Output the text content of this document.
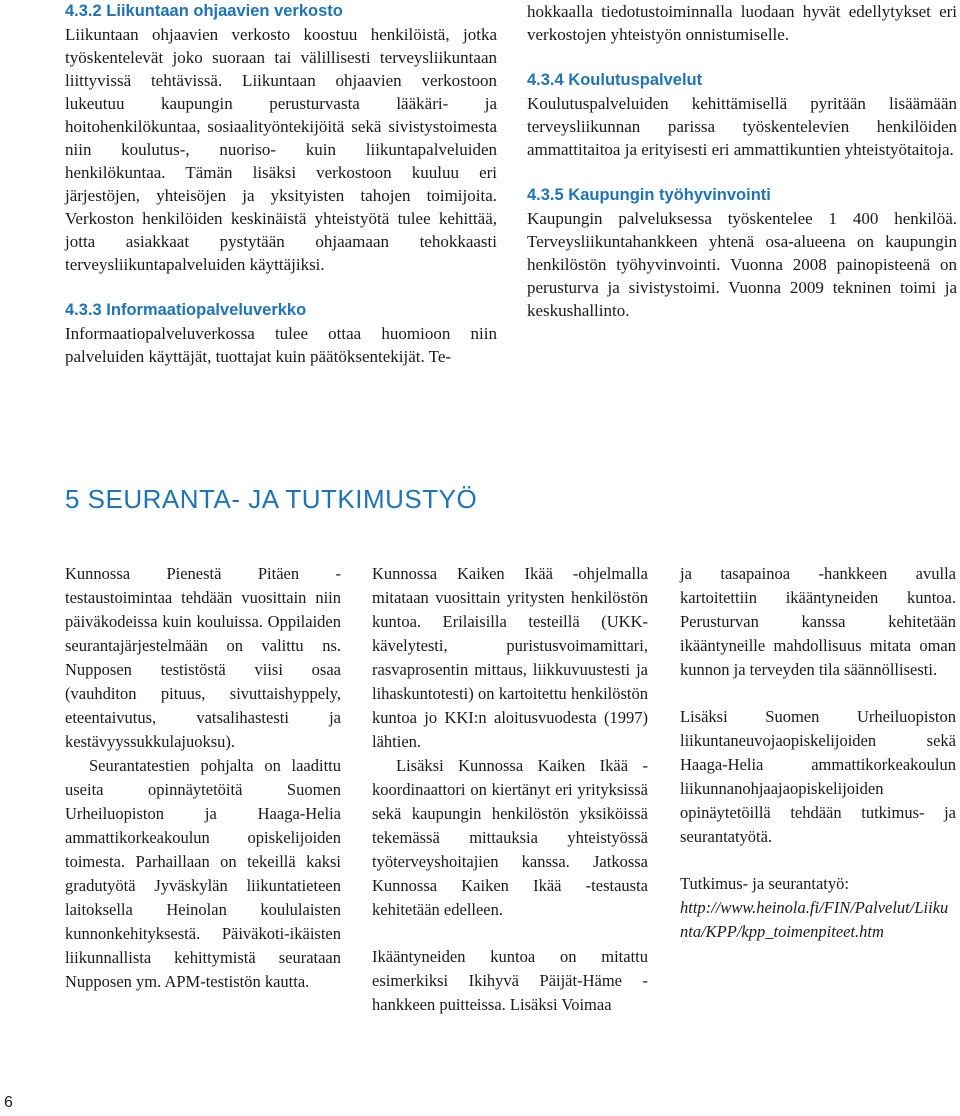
4.3.2 Liikuntaan ohjaavien verkosto

Liikuntaan ohjaavien verkosto koostuu henkilöistä, jotka työskentelevät joko suoraan tai välillisesti terveysliikuntaan liittyvissä tehtävissä. Liikuntaan ohjaavien verkostoon lukeutuu kaupungin perusturvasta lääkäri- ja hoitohenkilökuntaa, sosiaalityöntekijöitä sekä sivistystoimesta niin koulutus-, nuoriso- kuin liikuntapalveluiden henkilökuntaa. Tämän lisäksi verkostoon kuuluu eri järjestöjen, yhteisöjen ja yksityisten tahojen toimijoita. Verkoston henkilöiden keskinäistä yhteistyötä tulee kehittää, jotta asiakkaat pystytään ohjaamaan tehokkaasti terveysliikuntapalveluiden käyttäjiksi.

4.3.3 Informaatiopalveluverkko

Informaatiopalveluverkossa tulee ottaa huomioon niin palveluiden käyttäjät, tuottajat kuin päätöksentekijät. Te-

hokkaalla tiedotustoiminnalla luodaan hyvät edellytykset eri verkostojen yhteistyön onnistumiselle.

4.3.4 Koulutuspalvelut

Koulutuspalveluiden kehittämisellä pyritään lisäämään terveysliikunnan parissa työskentelevien henkilöiden ammattitaitoa ja erityisesti eri ammattikuntien yhteistyötaitoja.

4.3.5 Kaupungin työhyvinvointi

Kaupungin palveluksessa työskentelee 1 400 henkilöä. Terveysliikuntahankkeen yhtenä osa-alueena on kaupungin henkilöstön työhyvinvointi. Vuonna 2008 painopisteenä on perusturva ja sivistystoimi. Vuonna 2009 tekninen toimi ja keskushallinto.

5 SEURANTA- JA TUTKIMUSTYÖ

Kunnossa Pienestä Pitäen -testaustoimintaa tehdään vuosittain niin päiväkodeissa kuin kouluissa. Oppilaiden seurantajärjestelmään on valittu ns. Nupposen testistöstä viisi osaa (vauhditon pituus, sivuttaishyppely, eteentaivutus, vatsalihastesti ja kestävyyssukkulajuoksu).

Seurantatestien pohjalta on laadittu useita opinnäytetöitä Suomen Urheiluopiston ja Haaga-Helia ammattikorkeakoulun opiskelijoiden toimesta. Parhaillaan on tekeillä kaksi gradutyötä Jyväskylän liikuntatieteen laitoksella Heinolan koululaisten kunnonkehityksestä. Päiväkoti-ikäisten liikunnallista kehittymistä seurataan Nupposen ym. APM-testistön kautta.

Kunnossa Kaiken Ikää -ohjelmalla mitataan vuosittain yritysten henkilöstön kuntoa. Erilaisilla testeillä (UKK-kävelytesti, puristusvoimamittari, rasvaprosentin mittaus, liikkuvuustesti ja lihaskuntotesti) on kartoitettu henkilöstön kuntoa jo KKI:n aloitusvuodesta (1997) lähtien.

Lisäksi Kunnossa Kaiken Ikää -koordinaattori on kiertänyt eri yrityksissä sekä kaupungin henkilöstön yksiköissä tekemässä mittauksia yhteistyössä työterveyshoitajien kanssa. Jatkossa Kunnossa Kaiken Ikää -testausta kehitetään edelleen.

Ikääntyneiden kuntoa on mitattu esimerkiksi Ikihyvä Päijät-Häme -hankkeen puitteissa. Lisäksi Voimaa

ja tasapainoa -hankkeen avulla kartoitettiin ikääntyneiden kuntoa. Perusturvan kanssa kehitetään ikääntyneille mahdollisuus mitata oman kunnon ja terveyden tila säännöllisesti.

Lisäksi Suomen Urheiluopiston liikuntaneuvojaopiskelijoiden sekä Haaga-Helia ammattikorkeakoulun liikunnanohjaajaopiskelijoiden opinäytetöillä tehdään tutkimus- ja seurantatyötä.

Tutkimus- ja seurantatyö:

http://www.heinola.fi/FIN/Palvelut/Liikunta/KPP/kpp_toimenpiteet.htm

6
